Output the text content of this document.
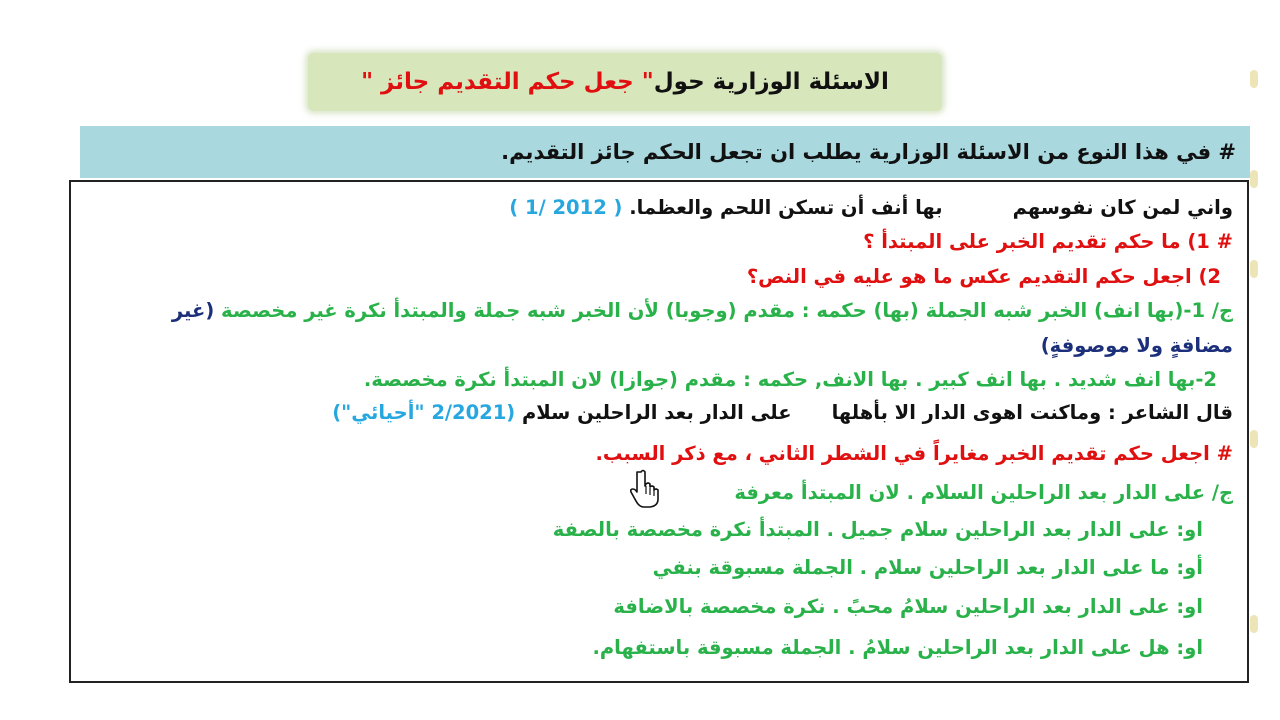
الاسئلة الوزارية حول
" جعل حكم التقديم جائز "
# في هذا النوع من الاسئلة الوزارية يطلب ان تجعل الحكم جائز التقديم.
واني لمن كان نفوسهمبها أنف أن تسكن اللحم والعظما. ( 2012 /1 )
# 1) ما حكم تقديم الخبر على المبتدأ ؟
2) اجعل حكم التقديم عكس ما هو عليه في النص؟
ج/ 1-(بها انف) الخبر شبه الجملة (بها) حكمه : مقدم (وجوبا) لأن الخبر شبه جملة والمبتدأ نكرة غير مخصصة (غير
مضافةٍ ولا موصوفةٍ)
2-بها انف شديد . بها انف كبير . بها الانف, حكمه : مقدم (جوازا) لان المبتدأ نكرة مخصصة.
قال الشاعر : وماكنت اهوى الدار الا بأهلهاعلى الدار بعد الراحلين سلام (2/2021 "أحيائي")
# اجعل حكم تقديم الخبر مغايراً في الشطر الثاني ، مع ذكر السبب.
ج/ على الدار بعد الراحلين السلام . لان المبتدأ معرفة
او: على الدار بعد الراحلين سلام جميل . المبتدأ نكرة مخصصة بالصفة
أو: ما على الدار بعد الراحلين سلام . الجملة مسبوقة بنفي
او: على الدار بعد الراحلين سلامُ محبً . نكرة مخصصة بالاضافة
او: هل على الدار بعد الراحلين سلامُ . الجملة مسبوقة باستفهام.
